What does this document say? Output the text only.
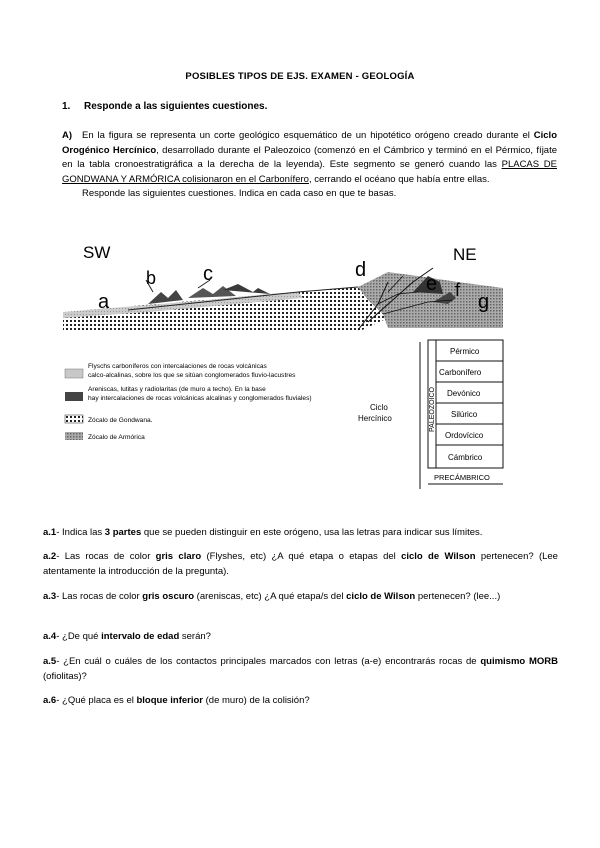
POSIBLES TIPOS DE EJS. EXAMEN - GEOLOGÍA
1. Responde a las siguientes cuestiones.

A) En la figura se representa un corte geológico esquemático de un hipotético orógeno creado durante el Ciclo Orogénico Hercínico, desarrollado durante el Paleozoico (comenzó en el Cámbrico y terminó en el Pérmico, fíjate en la tabla cronoestratigráfica a la derecha de la leyenda). Este segmento se generó cuando las PLACAS DE GONDWANA Y ARMÓRICA colisionaron en el Carbonífero, cerrando el océano que había entre ellas.

Responde las siguientes cuestiones. Indica en cada caso en que te basas.

SW	NE
a
b c	d
e f
g
Flyschs carboníferos con intercalaciones de rocas volcánicas
calco-alcalinas, sobre los que se sitúan conglomerados fluvio-lacustres
Areniscas, lutitas y radiolaritas (de muro a techo). En la base
hay intercalaciones de rocas volcánicas alcalinas y conglomerados fluviales)
Zócalo de Gondwana.
Zócalo de Armórica
Ciclo
Hercínico	PALEOZOICO
Pérmico
Carbonífero
Devónico
Silúrico
Ordovícico
Cámbrico
PRECÁMBRICO

a.1- Indica las 3 partes que se pueden distinguir en este orógeno, usa las letras para indicar sus límites.

a.2- Las rocas de color gris claro (Flyshes, etc) ¿A qué etapa o etapas del ciclo de Wilson pertenecen? (Lee atentamente la introducción de la pregunta).

a.3- Las rocas de color gris oscuro (areniscas, etc) ¿A qué etapa/s del ciclo de Wilson pertenecen? (lee...)

a.4- ¿De qué intervalo de edad serán?

a.5- ¿En cuál o cuáles de los contactos principales marcados con letras (a-e) encontrarás rocas de quimismo MORB (ofiolitas)?

a.6- ¿Qué placa es el bloque inferior (de muro) de la colisión?
